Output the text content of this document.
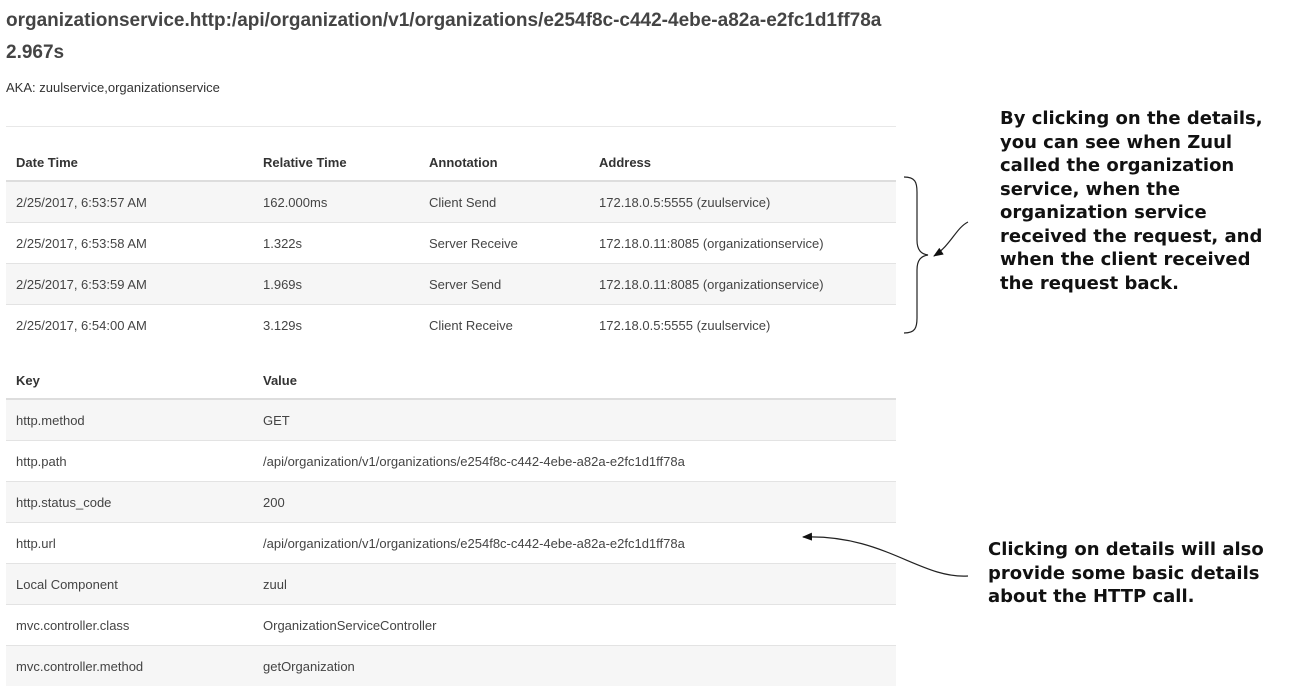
organizationservice.http:/api/organization/v1/organizations/e254f8c-c442-4ebe-a82a-e2fc1d1ff78a
2.967s
AKA: zuulservice,organizationservice
Date Time	Relative Time	Annotation	Address
2/25/2017, 6:53:57 AM	162.000ms	Client Send	172.18.0.5:5555 (zuulservice)
2/25/2017, 6:53:58 AM	1.322s	Server Receive	172.18.0.11:8085 (organizationservice)
2/25/2017, 6:53:59 AM	1.969s	Server Send	172.18.0.11:8085 (organizationservice)
2/25/2017, 6:54:00 AM	3.129s	Client Receive	172.18.0.5:5555 (zuulservice)
Key	Value
http.method	GET
http.path	/api/organization/v1/organizations/e254f8c-c442-4ebe-a82a-e2fc1d1ff78a
http.status_code	200
http.url	/api/organization/v1/organizations/e254f8c-c442-4ebe-a82a-e2fc1d1ff78a
Local Component	zuul
mvc.controller.class	OrganizationServiceController
mvc.controller.method	getOrganization
By clicking on the details,
you can see when Zuul
called the organization
service, when the
organization service
received the request, and
when the client received
the request back.
Clicking on details will also
provide some basic details
about the HTTP call.
